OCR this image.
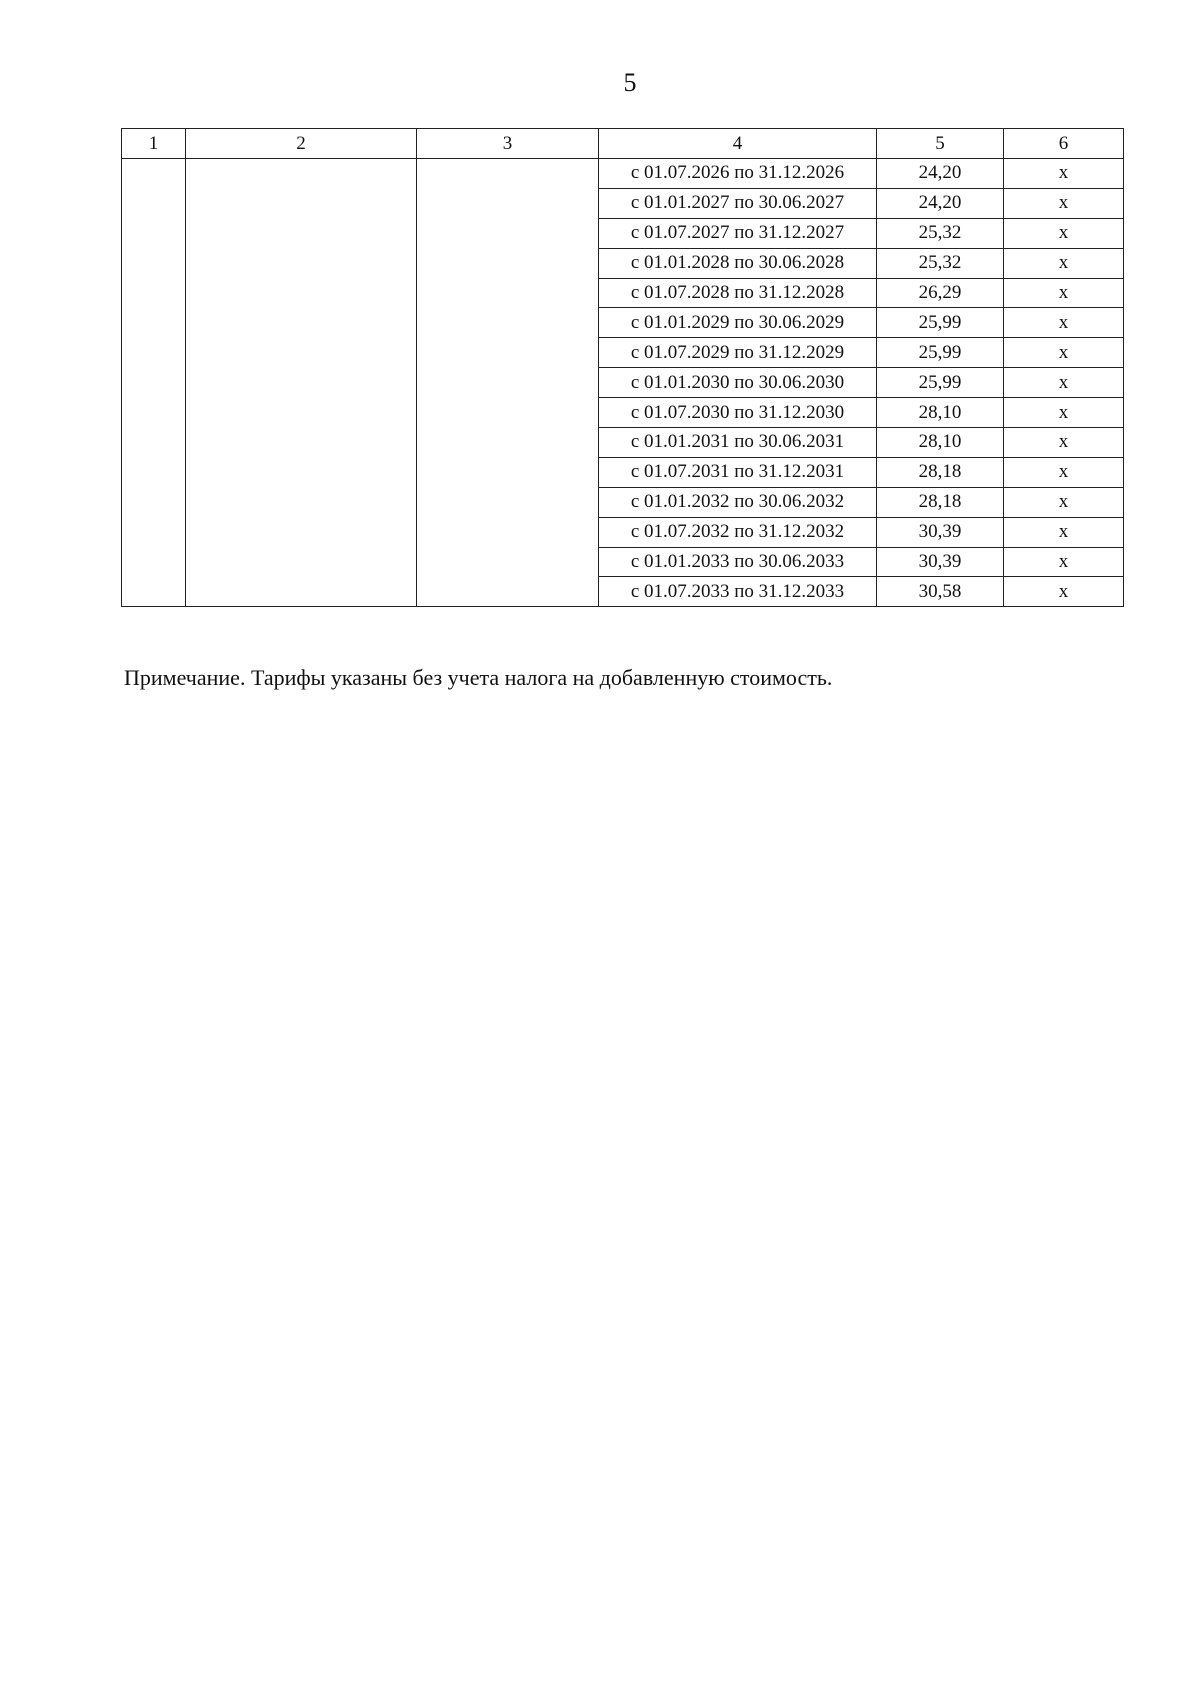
5
1	2	3	4	5	6
			с 01.07.2026 по 31.12.2026	24,20	х
			с 01.01.2027 по 30.06.2027	24,20	х
			с 01.07.2027 по 31.12.2027	25,32	х
			с 01.01.2028 по 30.06.2028	25,32	х
			с 01.07.2028 по 31.12.2028	26,29	х
			с 01.01.2029 по 30.06.2029	25,99	х
			с 01.07.2029 по 31.12.2029	25,99	х
			с 01.01.2030 по 30.06.2030	25,99	х
			с 01.07.2030 по 31.12.2030	28,10	х
			с 01.01.2031 по 30.06.2031	28,10	х
			с 01.07.2031 по 31.12.2031	28,18	х
			с 01.01.2032 по 30.06.2032	28,18	х
			с 01.07.2032 по 31.12.2032	30,39	х
			с 01.01.2033 по 30.06.2033	30,39	х
			с 01.07.2033 по 31.12.2033	30,58	х
Примечание. Тарифы указаны без учета налога на добавленную стоимость.
